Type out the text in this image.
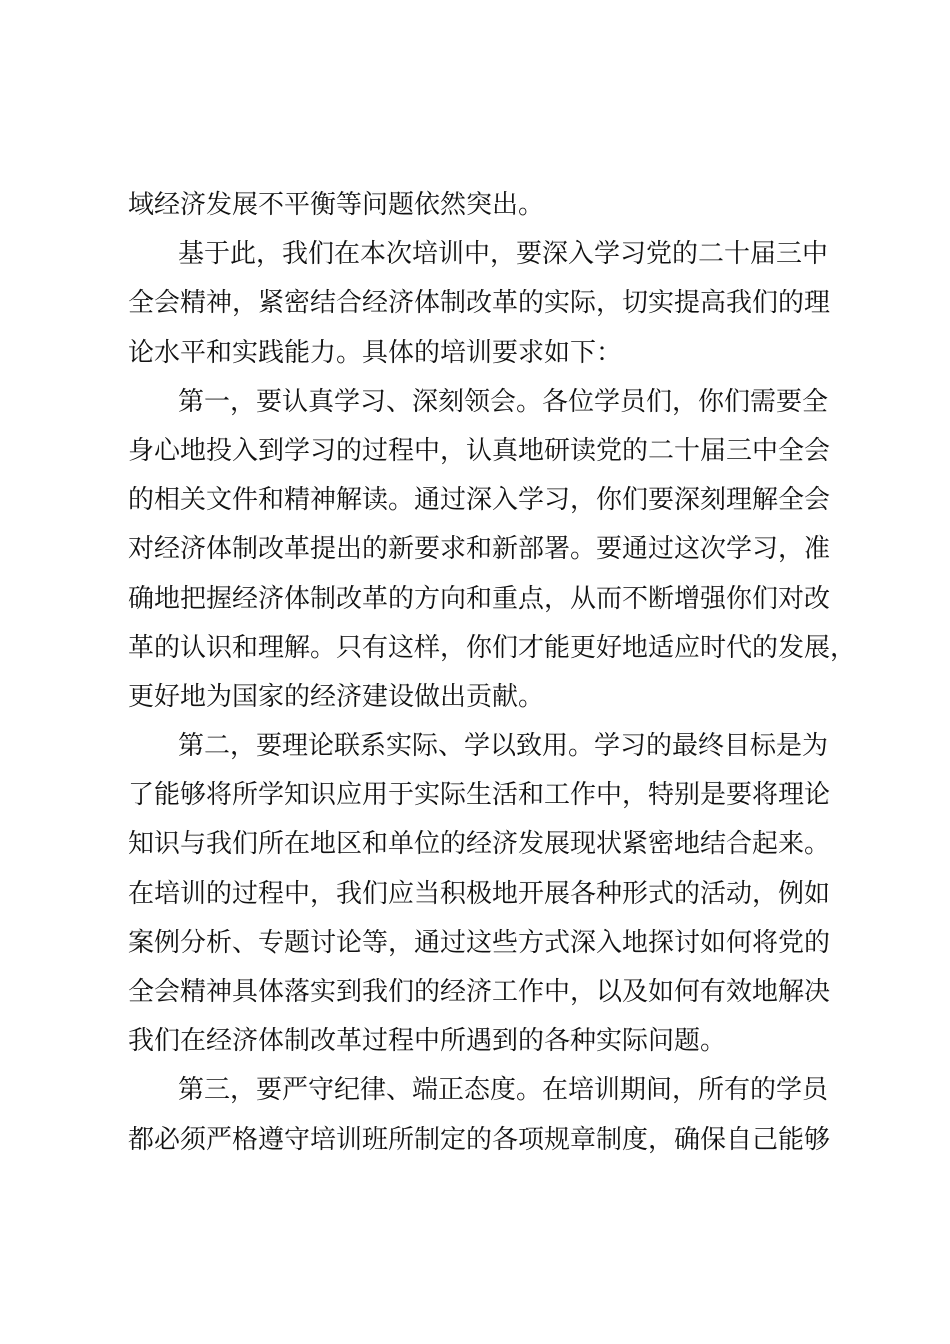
域经济发展不平衡等问题依然突出。
基于此，我们在本次培训中，要深入学习党的二十届三中
全会精神，紧密结合经济体制改革的实际，切实提高我们的理
论水平和实践能力。具体的培训要求如下：
第一，要认真学习、深刻领会。各位学员们，你们需要全
身心地投入到学习的过程中，认真地研读党的二十届三中全会
的相关文件和精神解读。通过深入学习，你们要深刻理解全会
对经济体制改革提出的新要求和新部署。要通过这次学习，准
确地把握经济体制改革的方向和重点，从而不断增强你们对改
革的认识和理解。只有这样，你们才能更好地适应时代的发展，
更好地为国家的经济建设做出贡献。
第二，要理论联系实际、学以致用。学习的最终目标是为
了能够将所学知识应用于实际生活和工作中，特别是要将理论
知识与我们所在地区和单位的经济发展现状紧密地结合起来。
在培训的过程中，我们应当积极地开展各种形式的活动，例如
案例分析、专题讨论等，通过这些方式深入地探讨如何将党的
全会精神具体落实到我们的经济工作中，以及如何有效地解决
我们在经济体制改革过程中所遇到的各种实际问题。
第三，要严守纪律、端正态度。在培训期间，所有的学员
都必须严格遵守培训班所制定的各项规章制度，确保自己能够
